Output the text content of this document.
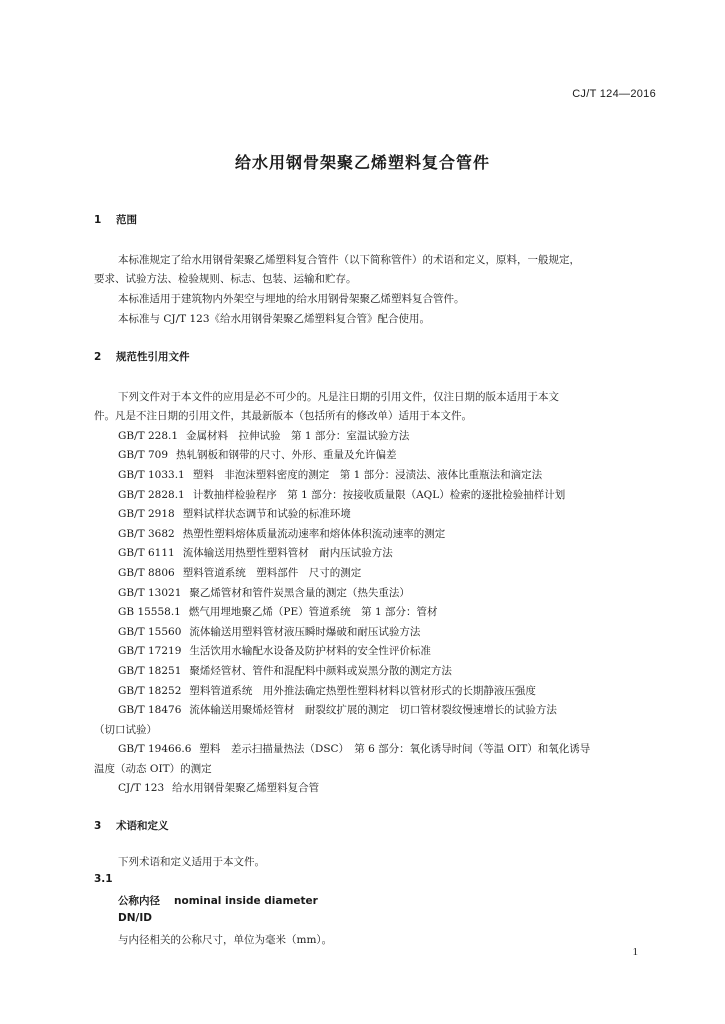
CJ/T 124—2016
给水用钢骨架聚乙烯塑料复合管件
1 范围
本标准规定了给水用钢骨架聚乙烯塑料复合管件（以下简称管件）的术语和定义，原料，一般规定，
要求、试验方法、检验规则、标志、包装、运输和贮存。
本标准适用于建筑物内外架空与埋地的给水用钢骨架聚乙烯塑料复合管件。
本标准与 CJ/T 123《给水用钢骨架聚乙烯塑料复合管》配合使用。
2 规范性引用文件
下列文件对于本文件的应用是必不可少的。凡是注日期的引用文件，仅注日期的版本适用于本文
件。凡是不注日期的引用文件，其最新版本（包括所有的修改单）适用于本文件。
GB/T 228.1 金属材料　拉伸试验　第 1 部分：室温试验方法
GB/T 709 热轧钢板和钢带的尺寸、外形、重量及允许偏差
GB/T 1033.1 塑料　非泡沫塑料密度的测定　第 1 部分：浸渍法、液体比重瓶法和滴定法
GB/T 2828.1 计数抽样检验程序　第 1 部分：按接收质量限（AQL）检索的逐批检验抽样计划
GB/T 2918 塑料试样状态调节和试验的标准环境
GB/T 3682 热塑性塑料熔体质量流动速率和熔体体积流动速率的测定
GB/T 6111 流体输送用热塑性塑料管材　耐内压试验方法
GB/T 8806 塑料管道系统　塑料部件　尺寸的测定
GB/T 13021 聚乙烯管材和管件炭黑含量的测定（热失重法）
GB 15558.1 燃气用埋地聚乙烯（PE）管道系统　第 1 部分：管材
GB/T 15560 流体输送用塑料管材液压瞬时爆破和耐压试验方法
GB/T 17219 生活饮用水输配水设备及防护材料的安全性评价标准
GB/T 18251 聚烯烃管材、管件和混配料中颜料或炭黑分散的测定方法
GB/T 18252 塑料管道系统　用外推法确定热塑性塑料材料以管材形式的长期静液压强度
GB/T 18476 流体输送用聚烯烃管材　耐裂纹扩展的测定　切口管材裂纹慢速增长的试验方法
（切口试验）
GB/T 19466.6 塑料　差示扫描量热法（DSC）　第 6 部分：氧化诱导时间（等温 OIT）和氧化诱导
温度（动态 OIT）的测定
CJ/T 123 给水用钢骨架聚乙烯塑料复合管
3 术语和定义
下列术语和定义适用于本文件。
3.1
公称内径 nominal inside diameter
DN/ID
与内径相关的公称尺寸，单位为毫米（mm）。
1
